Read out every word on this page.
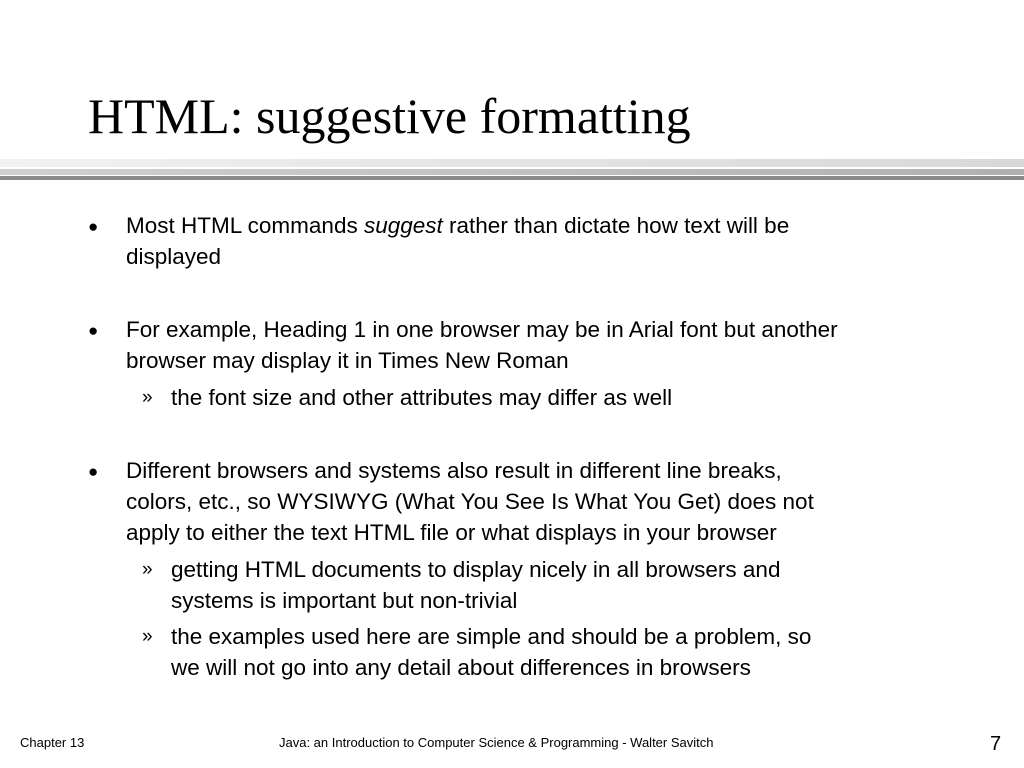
HTML: suggestive formatting
● Most HTML commands suggest rather than dictate how text will be

displayed

● For example, Heading 1 in one browser may be in Arial font but another

browser may display it in Times New Roman

» the font size and other attributes may differ as well

● Different browsers and systems also result in different line breaks,

colors, etc., so WYSIWYG (What You See Is What You Get) does not

apply to either the text HTML file or what displays in your browser

» getting HTML documents to display nicely in all browsers and

systems is important but non-trivial

» the examples used here are simple and should be a problem, so

we will not go into any detail about differences in browsers

Chapter 13	Java: an Introduction to Computer Science & Programming - Walter Savitch	7
